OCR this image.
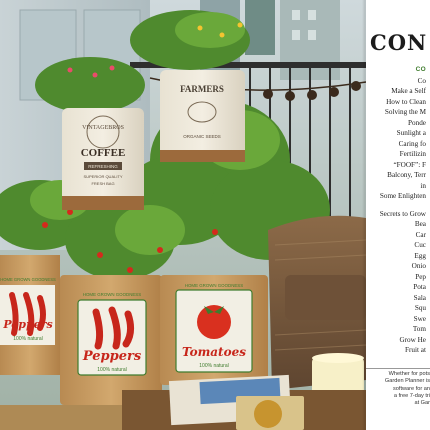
VINTAGEBROS
COFFEE
REFRESHING
SUPERIOR QUALITY
FRESH BAG
FARMERS
ORGANIC SEEDS
Peppers
100% natural
HOME GROWN GOODNESS
HOME GROWN GOODNESS
Peppers
100% natural
HOME GROWN GOODNESS
Tomatoes
100% natural
CON
CO
Co
Make a Self
How to Clean
Solving the M
Ponde
Sunlight a
Caring fo
Fertilizin
“FOOF”: F
Balcony, Terr
in
Some Enlighten
Secrets to Grow
Bea
Car
Cuc
Egg
Onio
Pep
Pota
Sala
Squ
Swe
Tom
Grow He
Fruit at
Whether for pots
Garden Planner is
software for an
a free 7-day tri
at Gar
